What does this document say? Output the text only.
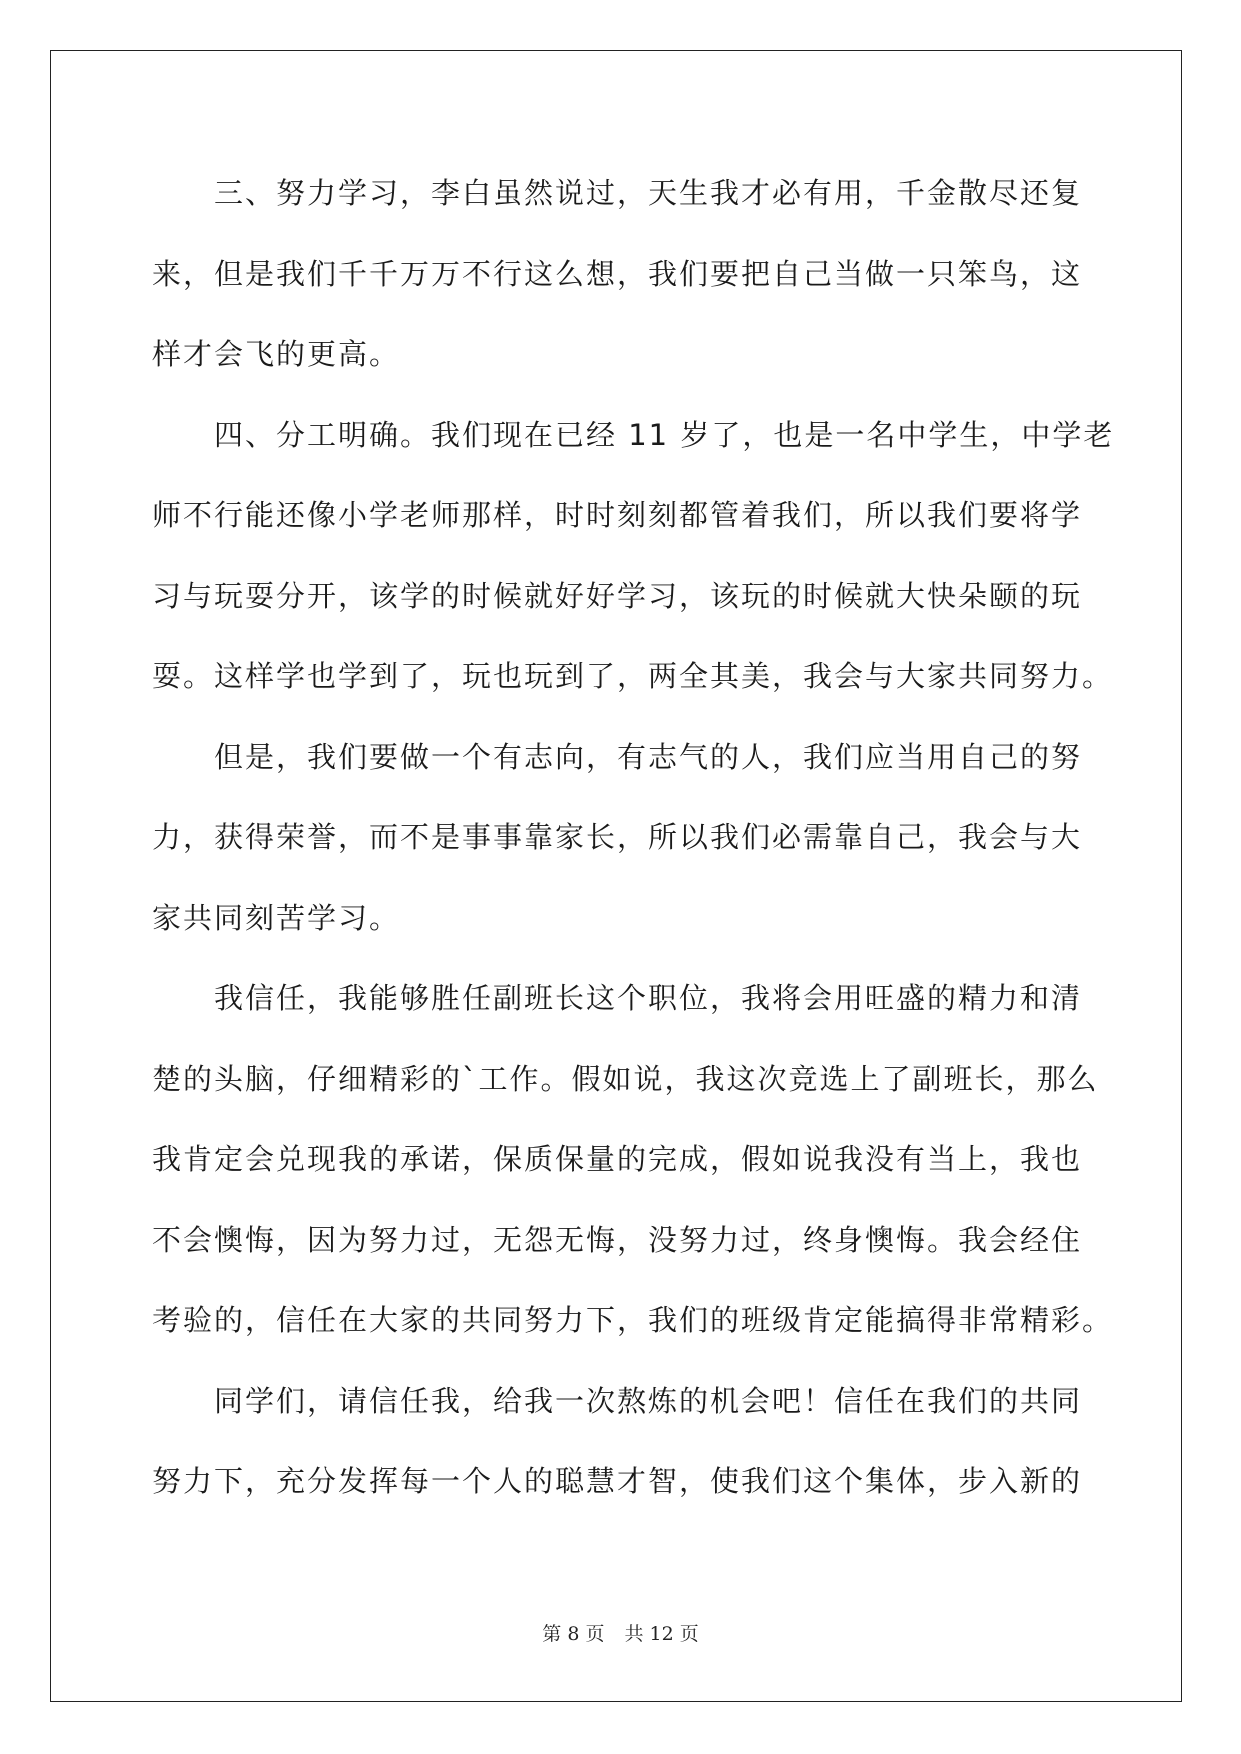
三、努力学习，李白虽然说过，天生我才必有用，千金散尽还复
来，但是我们千千万万不行这么想，我们要把自己当做一只笨鸟，这
样才会飞的更高。
四、分工明确。我们现在已经 11 岁了，也是一名中学生，中学老
师不行能还像小学老师那样，时时刻刻都管着我们，所以我们要将学
习与玩耍分开，该学的时候就好好学习，该玩的时候就大快朵颐的玩
耍。这样学也学到了，玩也玩到了，两全其美，我会与大家共同努力。
但是，我们要做一个有志向，有志气的人，我们应当用自己的努
力，获得荣誉，而不是事事靠家长，所以我们必需靠自己，我会与大
家共同刻苦学习。
我信任，我能够胜任副班长这个职位，我将会用旺盛的精力和清
楚的头脑，仔细精彩的`工作。假如说，我这次竞选上了副班长，那么
我肯定会兑现我的承诺，保质保量的完成，假如说我没有当上，我也
不会懊悔，因为努力过，无怨无悔，没努力过，终身懊悔。我会经住
考验的，信任在大家的共同努力下，我们的班级肯定能搞得非常精彩。
同学们，请信任我，给我一次熬炼的机会吧！信任在我们的共同
努力下，充分发挥每一个人的聪慧才智，使我们这个集体，步入新的
第 8 页 共 12 页
